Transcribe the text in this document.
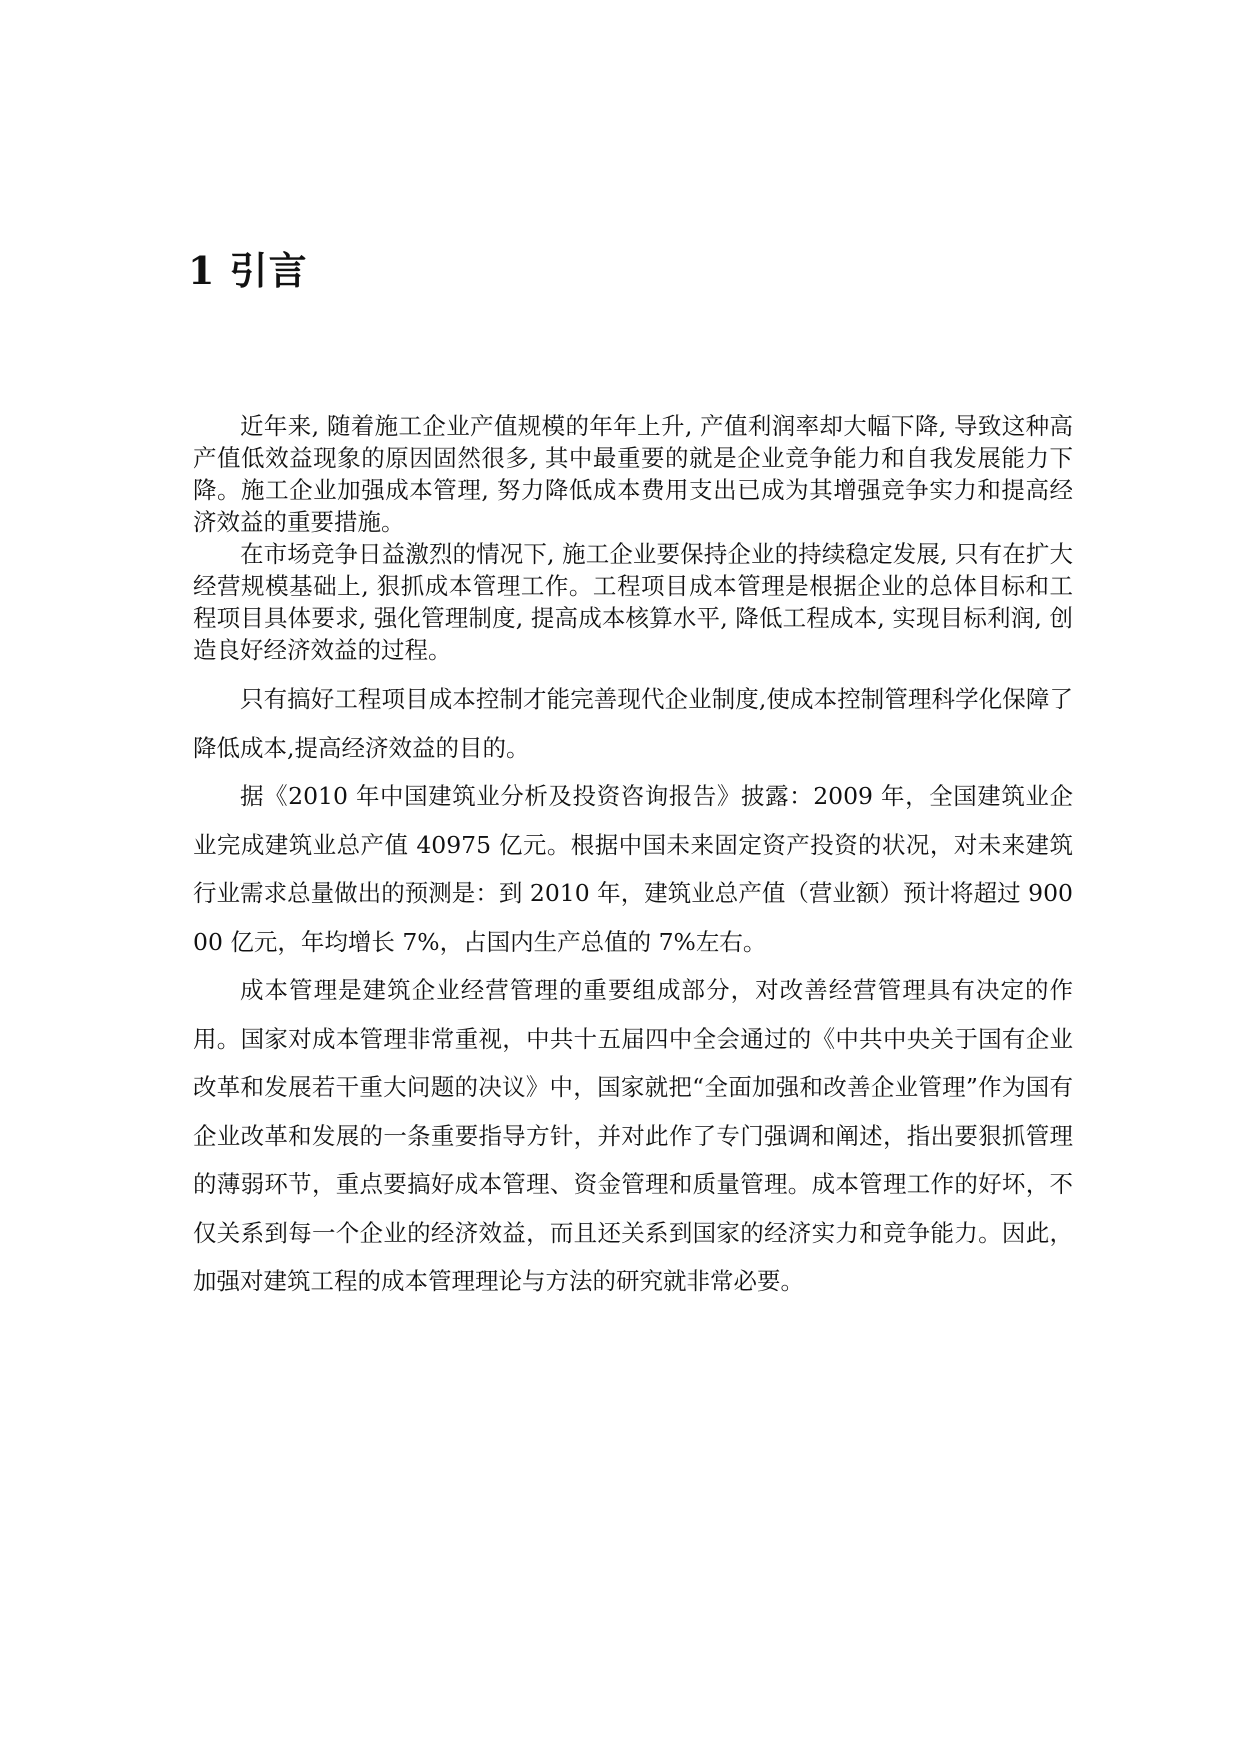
1 引言

近年来, 随着施工企业产值规模的年年上升, 产值利润率却大幅下降, 导致这种高产值低效益现象的原因固然很多, 其中最重要的就是企业竞争能力和自我发展能力下降。施工企业加强成本管理, 努力降低成本费用支出已成为其增强竞争实力和提高经济效益的重要措施。

在市场竞争日益激烈的情况下, 施工企业要保持企业的持续稳定发展, 只有在扩大经营规模基础上, 狠抓成本管理工作。工程项目成本管理是根据企业的总体目标和工程项目具体要求, 强化管理制度, 提高成本核算水平, 降低工程成本, 实现目标利润, 创造良好经济效益的过程。

只有搞好工程项目成本控制才能完善现代企业制度,使成本控制管理科学化保障了降低成本,提高经济效益的目的。

据《2010 年中国建筑业分析及投资咨询报告》披露：2009 年，全国建筑业企业完成建筑业总产值 40975 亿元。根据中国未来固定资产投资的状况，对未来建筑行业需求总量做出的预测是：到 2010 年，建筑业总产值（营业额）预计将超过 90000 亿元，年均增长 7%，占国内生产总值的 7%左右。

成本管理是建筑企业经营管理的重要组成部分，对改善经营管理具有决定的作用。国家对成本管理非常重视，中共十五届四中全会通过的《中共中央关于国有企业改革和发展若干重大问题的决议》中，国家就把“全面加强和改善企业管理”作为国有企业改革和发展的一条重要指导方针，并对此作了专门强调和阐述，指出要狠抓管理的薄弱环节，重点要搞好成本管理、资金管理和质量管理。成本管理工作的好坏，不仅关系到每一个企业的经济效益，而且还关系到国家的经济实力和竞争能力。因此，加强对建筑工程的成本管理理论与方法的研究就非常必要。
